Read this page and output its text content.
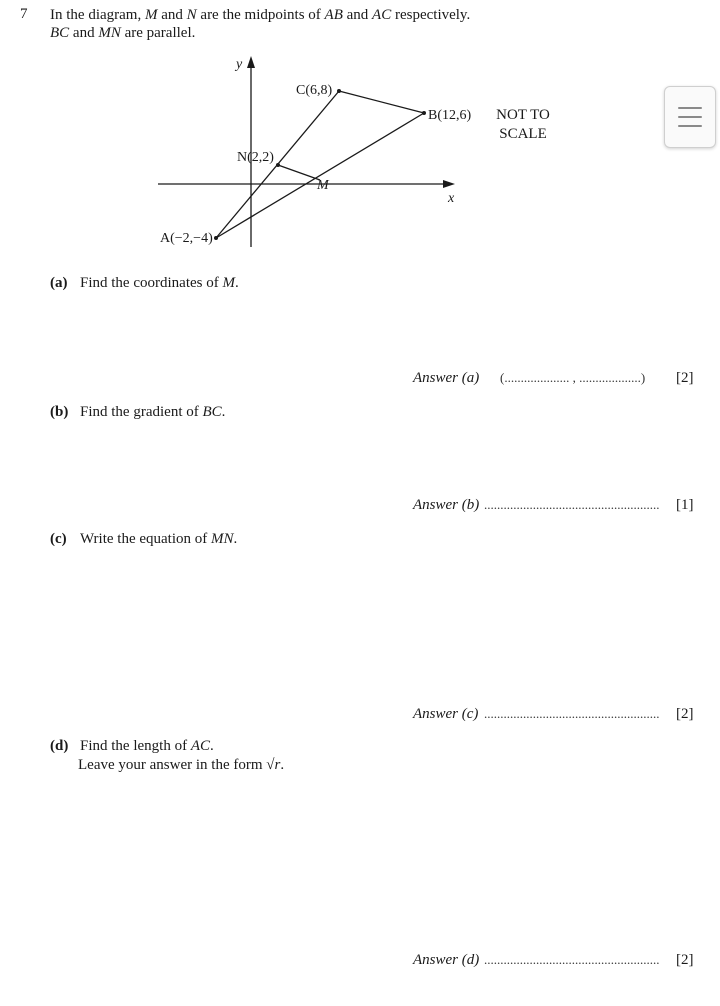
7 In the diagram, M and N are the midpoints of AB and AC respectively.
BC and MN are parallel.
y
x
C(6,8)
B(12,6)
N(2,2)
M
A(−2,−4)
NOT TO
SCALE
(a) Find the coordinates of M.
Answer (a) (.................... , ...................) [2]
(b) Find the gradient of BC.
Answer (b) ...................................................... [1]
(c) Write the equation of MN.
Answer (c) ...................................................... [2]
(d) Find the length of AC.
Leave your answer in the form √r.
Answer (d) ...................................................... [2]
